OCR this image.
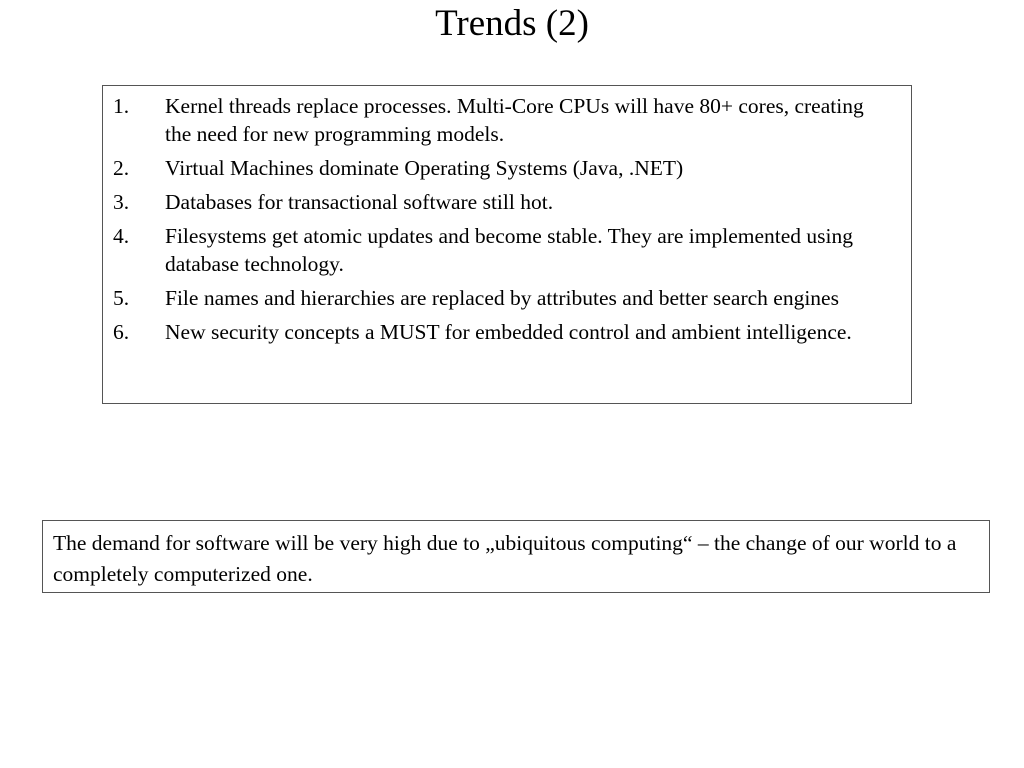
Trends (2)
1.	Kernel threads replace processes. Multi-Core CPUs will have 80+ cores, creating the need for new programming models.
2.	Virtual Machines dominate Operating Systems (Java, .NET)
3.	Databases for transactional software still hot.
4.	Filesystems get atomic updates and become stable. They are implemented using database technology.
5.	File names and hierarchies are replaced by attributes and better search engines
6.	New security concepts a MUST for embedded control and ambient intelligence.
The demand for software will be very high due to „ubiquitous computing“ – the change of our world to a completely computerized one.
